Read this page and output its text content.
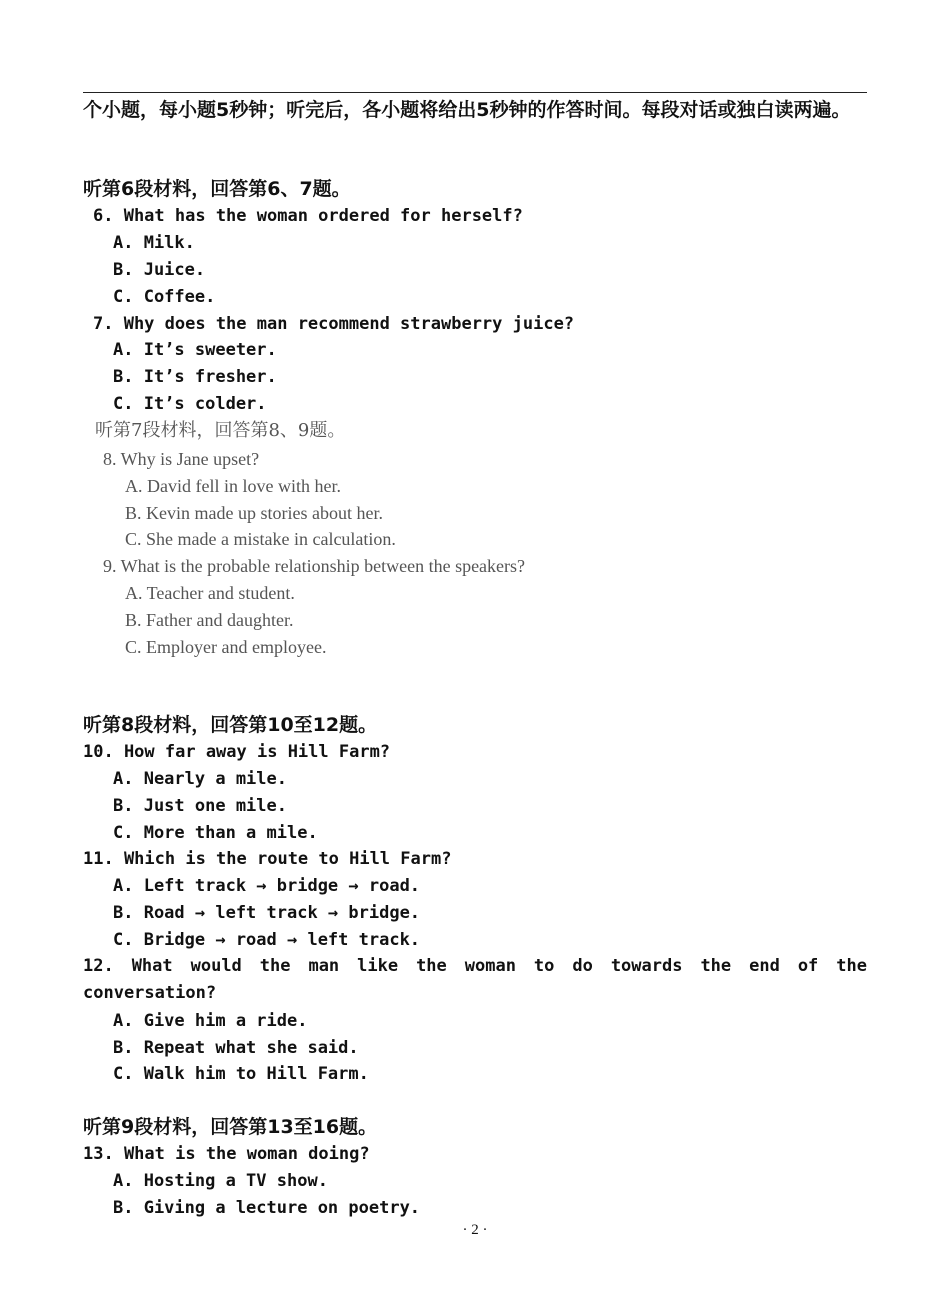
个小题，每小题5秒钟；听完后，各小题将给出5秒钟的作答时间。每段对话或独白读两遍。
听第6段材料，回答第6、7题。
6. What has the woman ordered for herself?
A. Milk.
B. Juice.
C. Coffee.
7. Why does the man recommend strawberry juice?
A. It’s sweeter.
B. It’s fresher.
C. It’s colder.
听第7段材料，回答第8、9题。
8. Why is Jane upset?
A. David fell in love with her.
B. Kevin made up stories about her.
C. She made a mistake in calculation.
9. What is the probable relationship between the speakers?
A. Teacher and student.
B. Father and daughter.
C. Employer and employee.
听第8段材料，回答第10至12题。
10. How far away is Hill Farm?
A. Nearly a mile.
B. Just one mile.
C. More than a mile.
11. Which is the route to Hill Farm?
A. Left track → bridge → road.
B. Road → left track → bridge.
C. Bridge → road → left track.
12. What would the man like the woman to do towards the end of the conversation?
A. Give him a ride.
B. Repeat what she said.
C. Walk him to Hill Farm.
听第9段材料，回答第13至16题。
13. What is the woman doing?
A. Hosting a TV show.
B. Giving a lecture on poetry.
· 2 ·
